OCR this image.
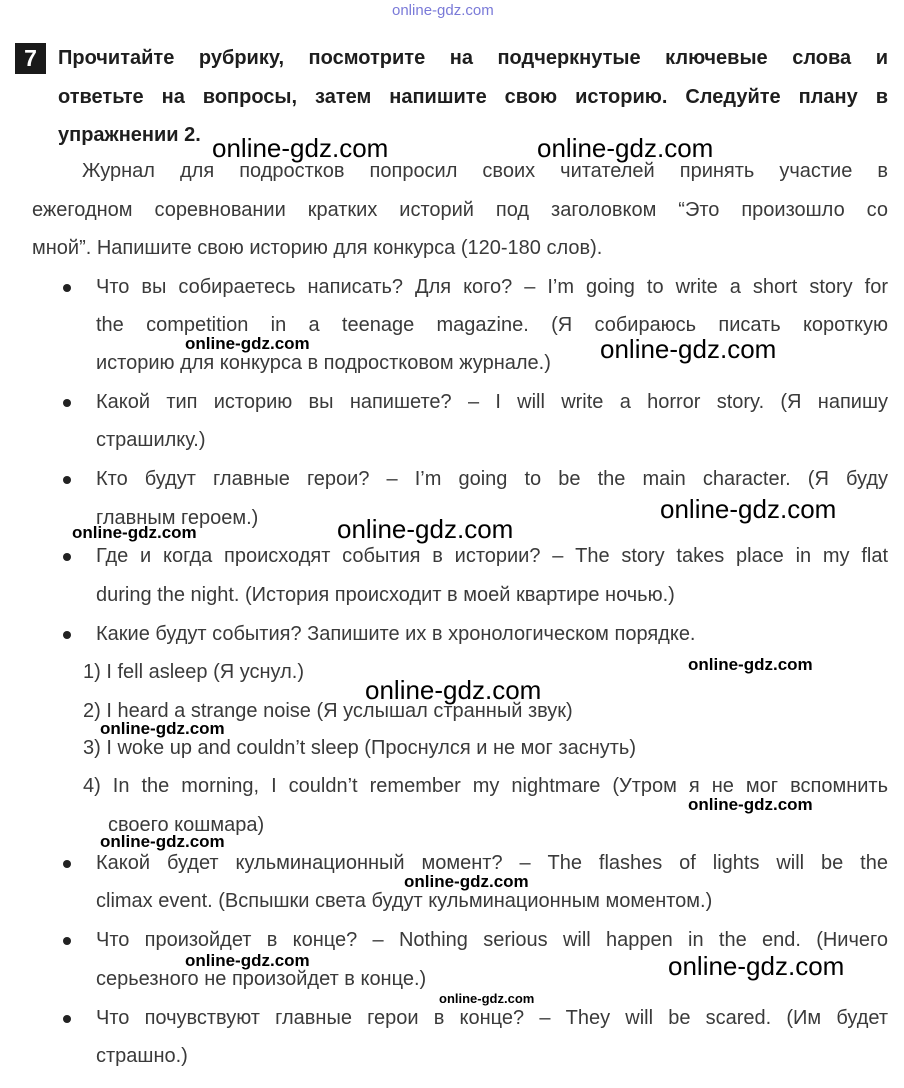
online-gdz.com
7	Прочитайте рубрику, посмотрите на подчеркнутые ключевые слова и
ответьте на вопросы, затем напишите свою историю. Следуйте плану в
упражнении 2.
Журнал для подростков попросил своих читателей принять участие в
ежегодном соревновании кратких историй под заголовком “Это произошло со
мной”. Напишите свою историю для конкурса (120-180 слов).
Что вы собираетесь написать? Для кого? – I’m going to write a short story for
the competition in a teenage magazine. (Я собираюсь писать короткую
историю для конкурса в подростковом журнале.)
Какой тип историю вы напишете? – I will write a horror story. (Я напишу
страшилку.)
Кто будут главные герои? – I’m going to be the main character. (Я буду
главным героем.)
Где и когда происходят события в истории? – The story takes place in my flat
during the night. (История происходит в моей квартире ночью.)
Какие будут события? Запишите их в хронологическом порядке.
1) I fell asleep (Я уснул.)
2) I heard a strange noise (Я услышал странный звук)
3) I woke up and couldn’t sleep (Проснулся и не мог заснуть)
4) In the morning, I couldn’t remember my nightmare (Утром я не мог вспомнить
своего кошмара)
Какой будет кульминационный момент? – The flashes of lights will be the
climax event. (Вспышки света будут кульминационным моментом.)
Что произойдет в конце? – Nothing serious will happen in the end. (Ничего
серьезного не произойдет в конце.)
Что почувствуют главные герои в конце? – They will be scared. (Им будет
страшно.)
online-gdz.com	online-gdz.com
online-gdz.com	online-gdz.com
online-gdz.com
online-gdz.com	online-gdz.com
online-gdz.com
online-gdz.com
online-gdz.com
online-gdz.com
online-gdz.com
online-gdz.com
online-gdz.com	online-gdz.com
online-gdz.com
